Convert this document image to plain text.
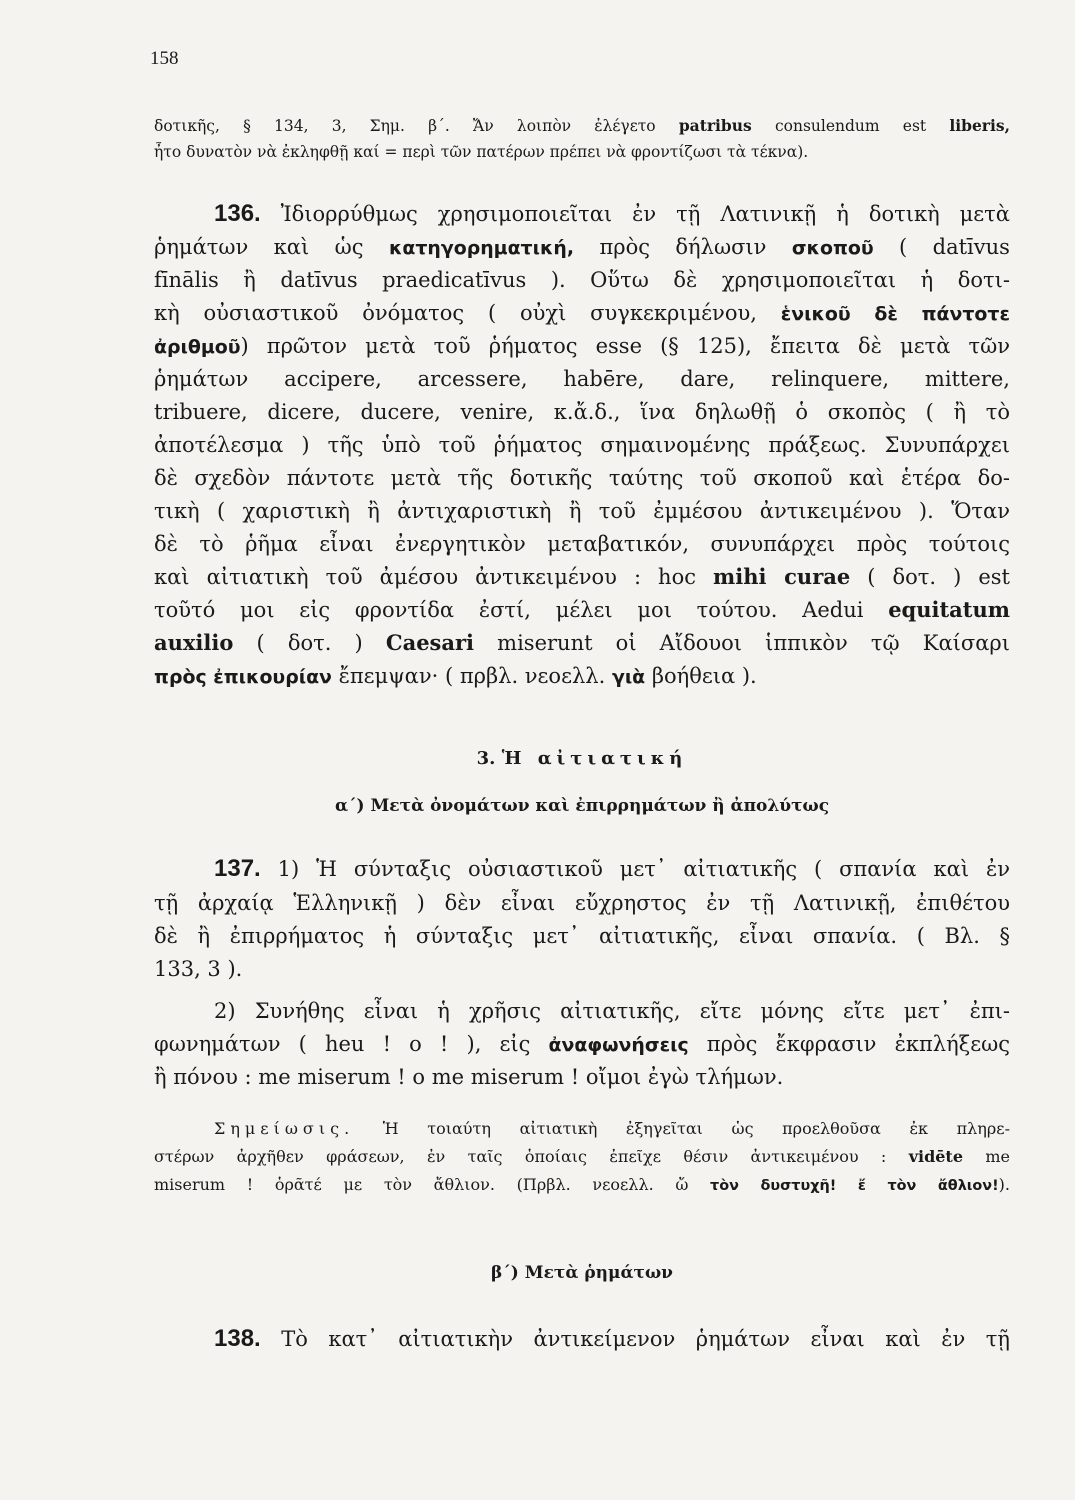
158
δοτικῆς, § 134, 3, Σημ. β΄. Ἄν λοιπὸν ἐλέγετο patribus consulendum est liberis,
ἦτο δυνατὸν νὰ ἐκληφθῇ καί = περὶ τῶν πατέρων πρέπει νὰ φροντίζωσι τὰ τέκνα).
136. Ἰδιορρύθμως χρησιμοποιεῖται ἐν τῇ Λατινικῇ ἡ δοτικὴ μετὰ
ῥημάτων καὶ ὡς κατηγορηματική, πρὸς δήλωσιν σκοποῦ ( datīvus
fīnālis ἢ datīvus praedicatīvus ). Οὕτω δὲ χρησιμοποιεῖται ἡ δοτι-
κὴ οὐσιαστικοῦ ὀνόματος ( οὐχὶ συγκεκριμένου, ἑνικοῦ δὲ πάντοτε
ἀριθμοῦ) πρῶτον μετὰ τοῦ ῥήματος esse (§ 125), ἔπειτα δὲ μετὰ τῶν
ῥημάτων accipere, arcessere, habēre, dare, relinquere, mittere,
tribuere, dicere, ducere, venire, κ.ἄ.δ., ἵνα δηλωθῇ ὁ σκοπὸς ( ἢ τὸ
ἀποτέλεσμα ) τῆς ὑπὸ τοῦ ῥήματος σημαινομένης πράξεως. Συνυπάρχει
δὲ σχεδὸν πάντοτε μετὰ τῆς δοτικῆς ταύτης τοῦ σκοποῦ καὶ ἑτέρα δο-
τικὴ ( χαριστικὴ ἢ ἀντιχαριστικὴ ἢ τοῦ ἐμμέσου ἀντικειμένου ). Ὅταν
δὲ τὸ ῥῆμα εἶναι ἐνεργητικὸν μεταβατικόν, συνυπάρχει πρὸς τούτοις
καὶ αἰτιατικὴ τοῦ ἀμέσου ἀντικειμένου : hoc mihi curae ( δοτ. ) est
τοῦτό μοι εἰς φροντίδα ἐστί, μέλει μοι τούτου. Aedui equitatum
auxilio ( δοτ. ) Caesari miserunt οἱ Αἴδουοι ἱππικὸν τῷ Καίσαρι
πρὸς ἐπικουρίαν ἔπεμψαν· ( πρβλ. νεοελλ. γιὰ βοήθεια ).
3. Ἡ αἰτιατική
α΄) Μετὰ ὀνομάτων καὶ ἐπιρρημάτων ἢ ἀπολύτως
137. 1) Ἡ σύνταξις οὐσιαστικοῦ μετ᾽ αἰτιατικῆς ( σπανία καὶ ἐν
τῇ ἀρχαίᾳ Ἑλληνικῇ ) δὲν εἶναι εὔχρηστος ἐν τῇ Λατινικῇ, ἐπιθέτου
δὲ ἢ ἐπιρρήματος ἡ σύνταξις μετ᾽ αἰτιατικῆς, εἶναι σπανία. ( Βλ. §
133, 3 ).
2) Συνήθης εἶναι ἡ χρῆσις αἰτιατικῆς, εἴτε μόνης εἴτε μετ᾽ ἐπι-
φωνημάτων ( heu ! o ! ), εἰς ἀναφωνήσεις πρὸς ἔκφρασιν ἐκπλήξεως
ἢ πόνου : me miserum ! o me miserum ! οἴμοι ἐγὼ τλήμων.
Σημείωσις. Ἡ τοιαύτη αἰτιατικὴ ἐξηγεῖται ὡς προελθοῦσα ἐκ πληρε-
στέρων ἀρχῆθεν φράσεων, ἐν ταῖς ὁποίαις ἐπεῖχε θέσιν ἀντικειμένου : vidēte me
miserum ! ὁρᾶτέ με τὸν ἄθλιον. (Πρβλ. νεοελλ. ὤ τὸν δυστυχῆ! ἔ τὸν ἄθλιον!).
β΄) Μετὰ ῥημάτων
138. Τὸ κατ᾽ αἰτιατικὴν ἀντικείμενον ῥημάτων εἶναι καὶ ἐν τῇ
